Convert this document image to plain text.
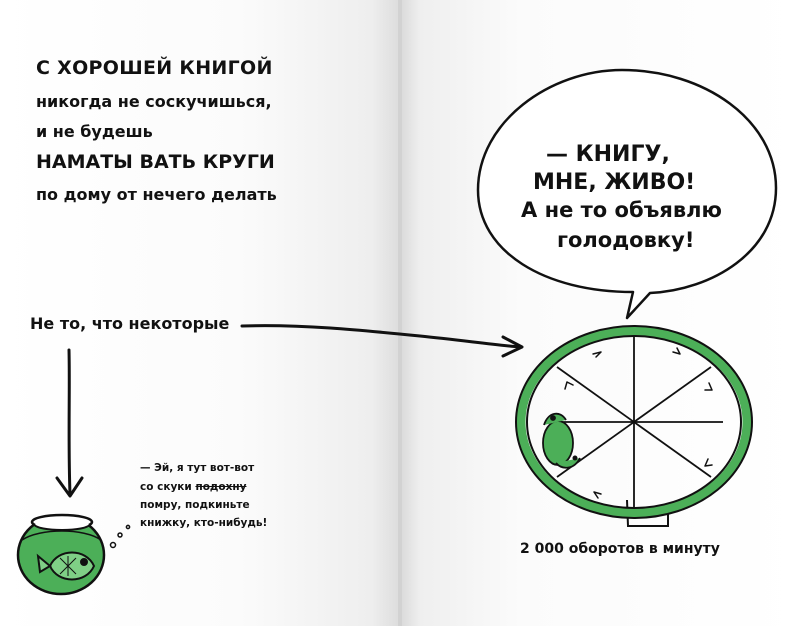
С ХОРОШЕЙ КНИГОЙ
никогда не соскучишься,
и не будешь
НАМАТЫ ВАТЬ КРУГИ
по дому от нечего делать
Не то, что некоторые
— Эй, я тут вот-вот
со скуки подохну
помру, подкиньте
книжку, кто-нибудь!
— КНИГУ,
МНЕ, ЖИВО!
А не то объявлю
голодовку!
2 000 оборотов в минуту
